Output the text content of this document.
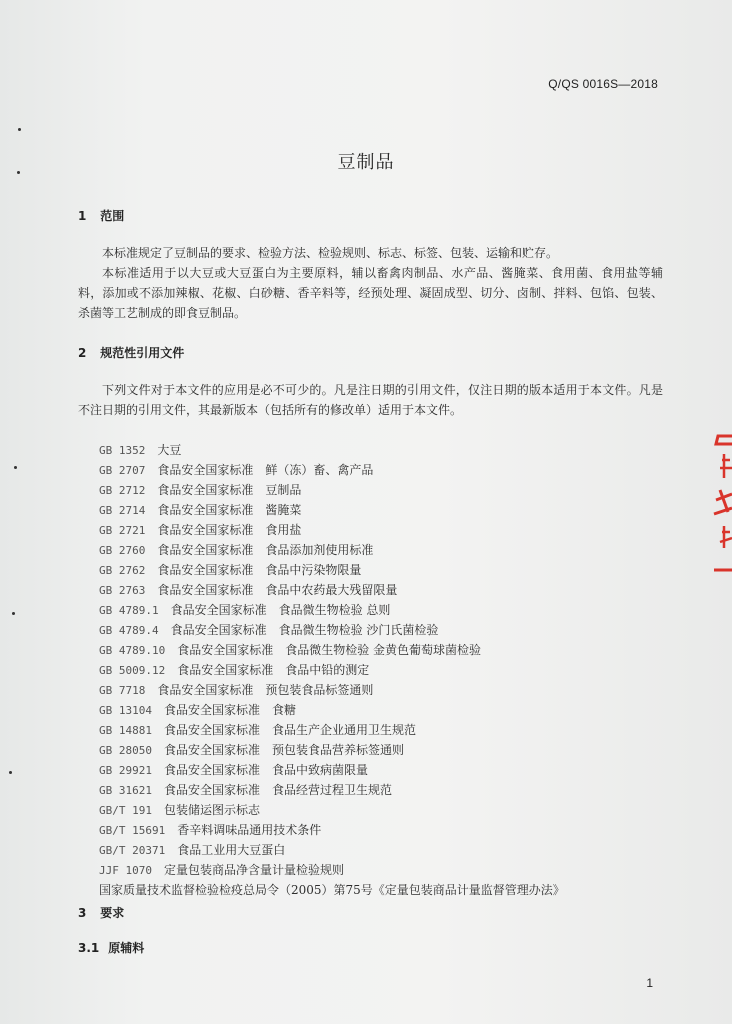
Q/QS 0016S—2018
豆制品
1 范围
本标准规定了豆制品的要求、检验方法、检验规则、标志、标签、包装、运输和贮存。
本标准适用于以大豆或大豆蛋白为主要原料，辅以畜禽肉制品、水产品、酱腌菜、食用菌、食用盐等辅料，添加或不添加辣椒、花椒、白砂糖、香辛料等，经预处理、凝固成型、切分、卤制、拌料、包馅、包装、杀菌等工艺制成的即食豆制品。
2 规范性引用文件
下列文件对于本文件的应用是必不可少的。凡是注日期的引用文件，仅注日期的版本适用于本文件。凡是不注日期的引用文件，其最新版本（包括所有的修改单）适用于本文件。
GB 1352 大豆
GB 2707 食品安全国家标准　鲜（冻）畜、禽产品
GB 2712 食品安全国家标准　豆制品
GB 2714 食品安全国家标准　酱腌菜
GB 2721 食品安全国家标准　食用盐
GB 2760 食品安全国家标准　食品添加剂使用标准
GB 2762 食品安全国家标准　食品中污染物限量
GB 2763 食品安全国家标准　食品中农药最大残留限量
GB 4789.1 食品安全国家标准　食品微生物检验 总则
GB 4789.4 食品安全国家标准　食品微生物检验 沙门氏菌检验
GB 4789.10 食品安全国家标准　食品微生物检验 金黄色葡萄球菌检验
GB 5009.12 食品安全国家标准　食品中铅的测定
GB 7718 食品安全国家标准　预包装食品标签通则
GB 13104 食品安全国家标准　食糖
GB 14881 食品安全国家标准　食品生产企业通用卫生规范
GB 28050 食品安全国家标准　预包装食品营养标签通则
GB 29921 食品安全国家标准　食品中致病菌限量
GB 31621 食品安全国家标准　食品经营过程卫生规范
GB/T 191 包装储运图示标志
GB/T 15691 香辛料调味品通用技术条件
GB/T 20371 食品工业用大豆蛋白
JJF 1070 定量包装商品净含量计量检验规则
国家质量技术监督检验检疫总局令（2005）第75号《定量包装商品计量监督管理办法》
3 要求
3.1 原辅料
1
